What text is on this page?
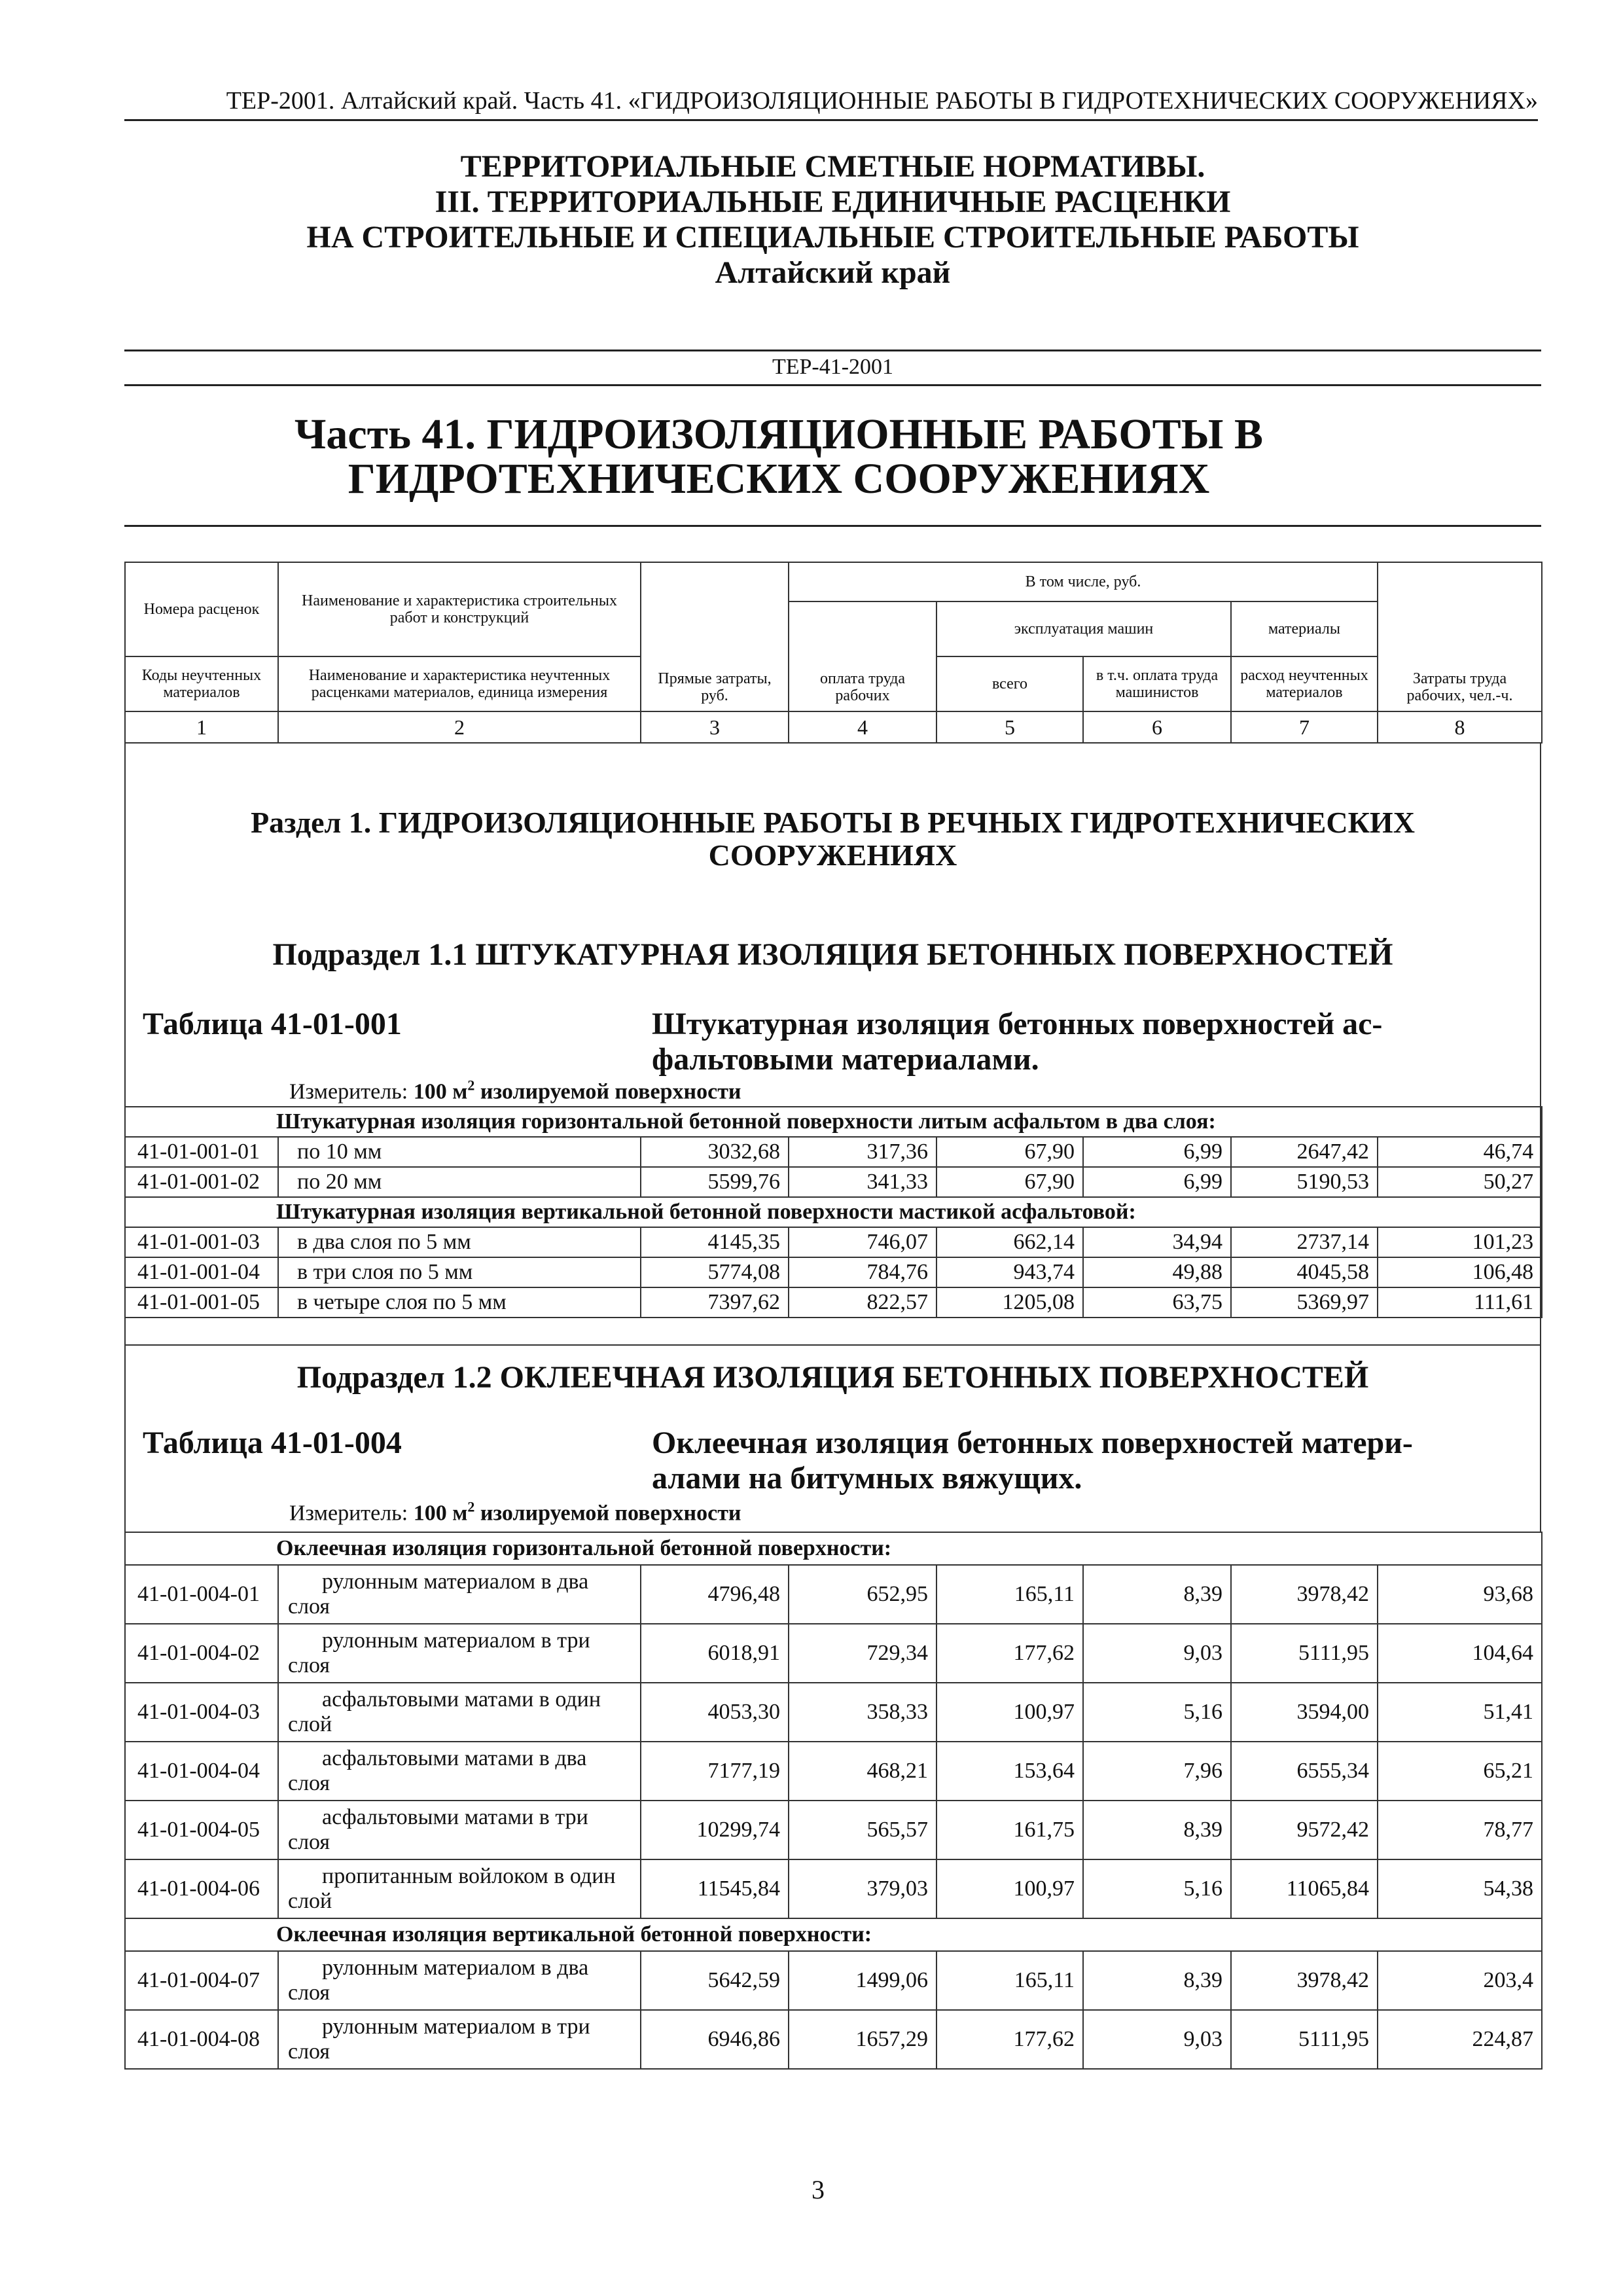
ТЕР-2001. Алтайский край. Часть 41. «ГИДРОИЗОЛЯЦИОННЫЕ РАБОТЫ В ГИДРОТЕХНИЧЕСКИХ СООРУЖЕНИЯХ»
ТЕРРИТОРИАЛЬНЫЕ СМЕТНЫЕ НОРМАТИВЫ.
III. ТЕРРИТОРИАЛЬНЫЕ ЕДИНИЧНЫЕ РАСЦЕНКИ
НА СТРОИТЕЛЬНЫЕ И СПЕЦИАЛЬНЫЕ СТРОИТЕЛЬНЫЕ РАБОТЫ
Алтайский край
ТЕР-41-2001
Часть 41. ГИДРОИЗОЛЯЦИОННЫЕ РАБОТЫ В
ГИДРОТЕХНИЧЕСКИХ СООРУЖЕНИЯХ
Номера расценок	Наименование и характеристика строительных работ и конструкций	Прямые затраты, руб.	В том числе, руб.				Затраты труда рабочих, чел.-ч.
			оплата труда рабочих	эксплуатация машин		материалы	
Коды неучтенных материалов	Наименование и характеристика неучтенных расценками материалов, единица измерения			всего	в т.ч. оплата труда машинистов	расход неучтенных материалов	
1	2	3	4	5	6	7	8
Раздел 1. ГИДРОИЗОЛЯЦИОННЫЕ РАБОТЫ В РЕЧНЫХ ГИДРОТЕХНИЧЕСКИХ
СООРУЖЕНИЯХ
Подраздел 1.1 ШТУКАТУРНАЯ ИЗОЛЯЦИЯ БЕТОННЫХ ПОВЕРХНОСТЕЙ
Таблица 41-01-001	Штукатурная изоляция бетонных поверхностей ас-
фальтовыми материалами.
Измеритель: 100 $м^2$ изолируемой поверхности
Штукатурная изоляция горизонтальной бетонной поверхности литым асфальтом в два слоя:							
41-01-001-01	по 10 мм	3032,68	317,36	67,90	6,99	2647,42	46,74
41-01-001-02	по 20 мм	5599,76	341,33	67,90	6,99	5190,53	50,27
Штукатурная изоляция вертикальной бетонной поверхности мастикой асфальтовой:							
41-01-001-03	в два слоя по 5 мм	4145,35	746,07	662,14	34,94	2737,14	101,23
41-01-001-04	в три слоя по 5 мм	5774,08	784,76	943,74	49,88	4045,58	106,48
41-01-001-05	в четыре слоя по 5 мм	7397,62	822,57	1205,08	63,75	5369,97	111,61
Подраздел 1.2 ОКЛЕЕЧНАЯ ИЗОЛЯЦИЯ БЕТОННЫХ ПОВЕРХНОСТЕЙ
Таблица 41-01-004	Оклеечная изоляция бетонных поверхностей матери-
алами на битумных вяжущих.
Измеритель: 100 $м^2$ изолируемой поверхности
Оклеечная изоляция горизонтальной бетонной поверхности:							
41-01-004-01	рулонным материалом в два
слоя	4796,48	652,95	165,11	8,39	3978,42	93,68
41-01-004-02	рулонным материалом в три
слоя	6018,91	729,34	177,62	9,03	5111,95	104,64
41-01-004-03	асфальтовыми матами в один
слой	4053,30	358,33	100,97	5,16	3594,00	51,41
41-01-004-04	асфальтовыми матами в два
слоя	7177,19	468,21	153,64	7,96	6555,34	65,21
41-01-004-05	асфальтовыми матами в три
слоя	10299,74	565,57	161,75	8,39	9572,42	78,77
41-01-004-06	пропитанным войлоком в один
слой	11545,84	379,03	100,97	5,16	11065,84	54,38
Оклеечная изоляция вертикальной бетонной поверхности:							
41-01-004-07	рулонным материалом в два
слоя	5642,59	1499,06	165,11	8,39	3978,42	203,4
41-01-004-08	рулонным материалом в три
слоя	6946,86	1657,29	177,62	9,03	5111,95	224,87
3
